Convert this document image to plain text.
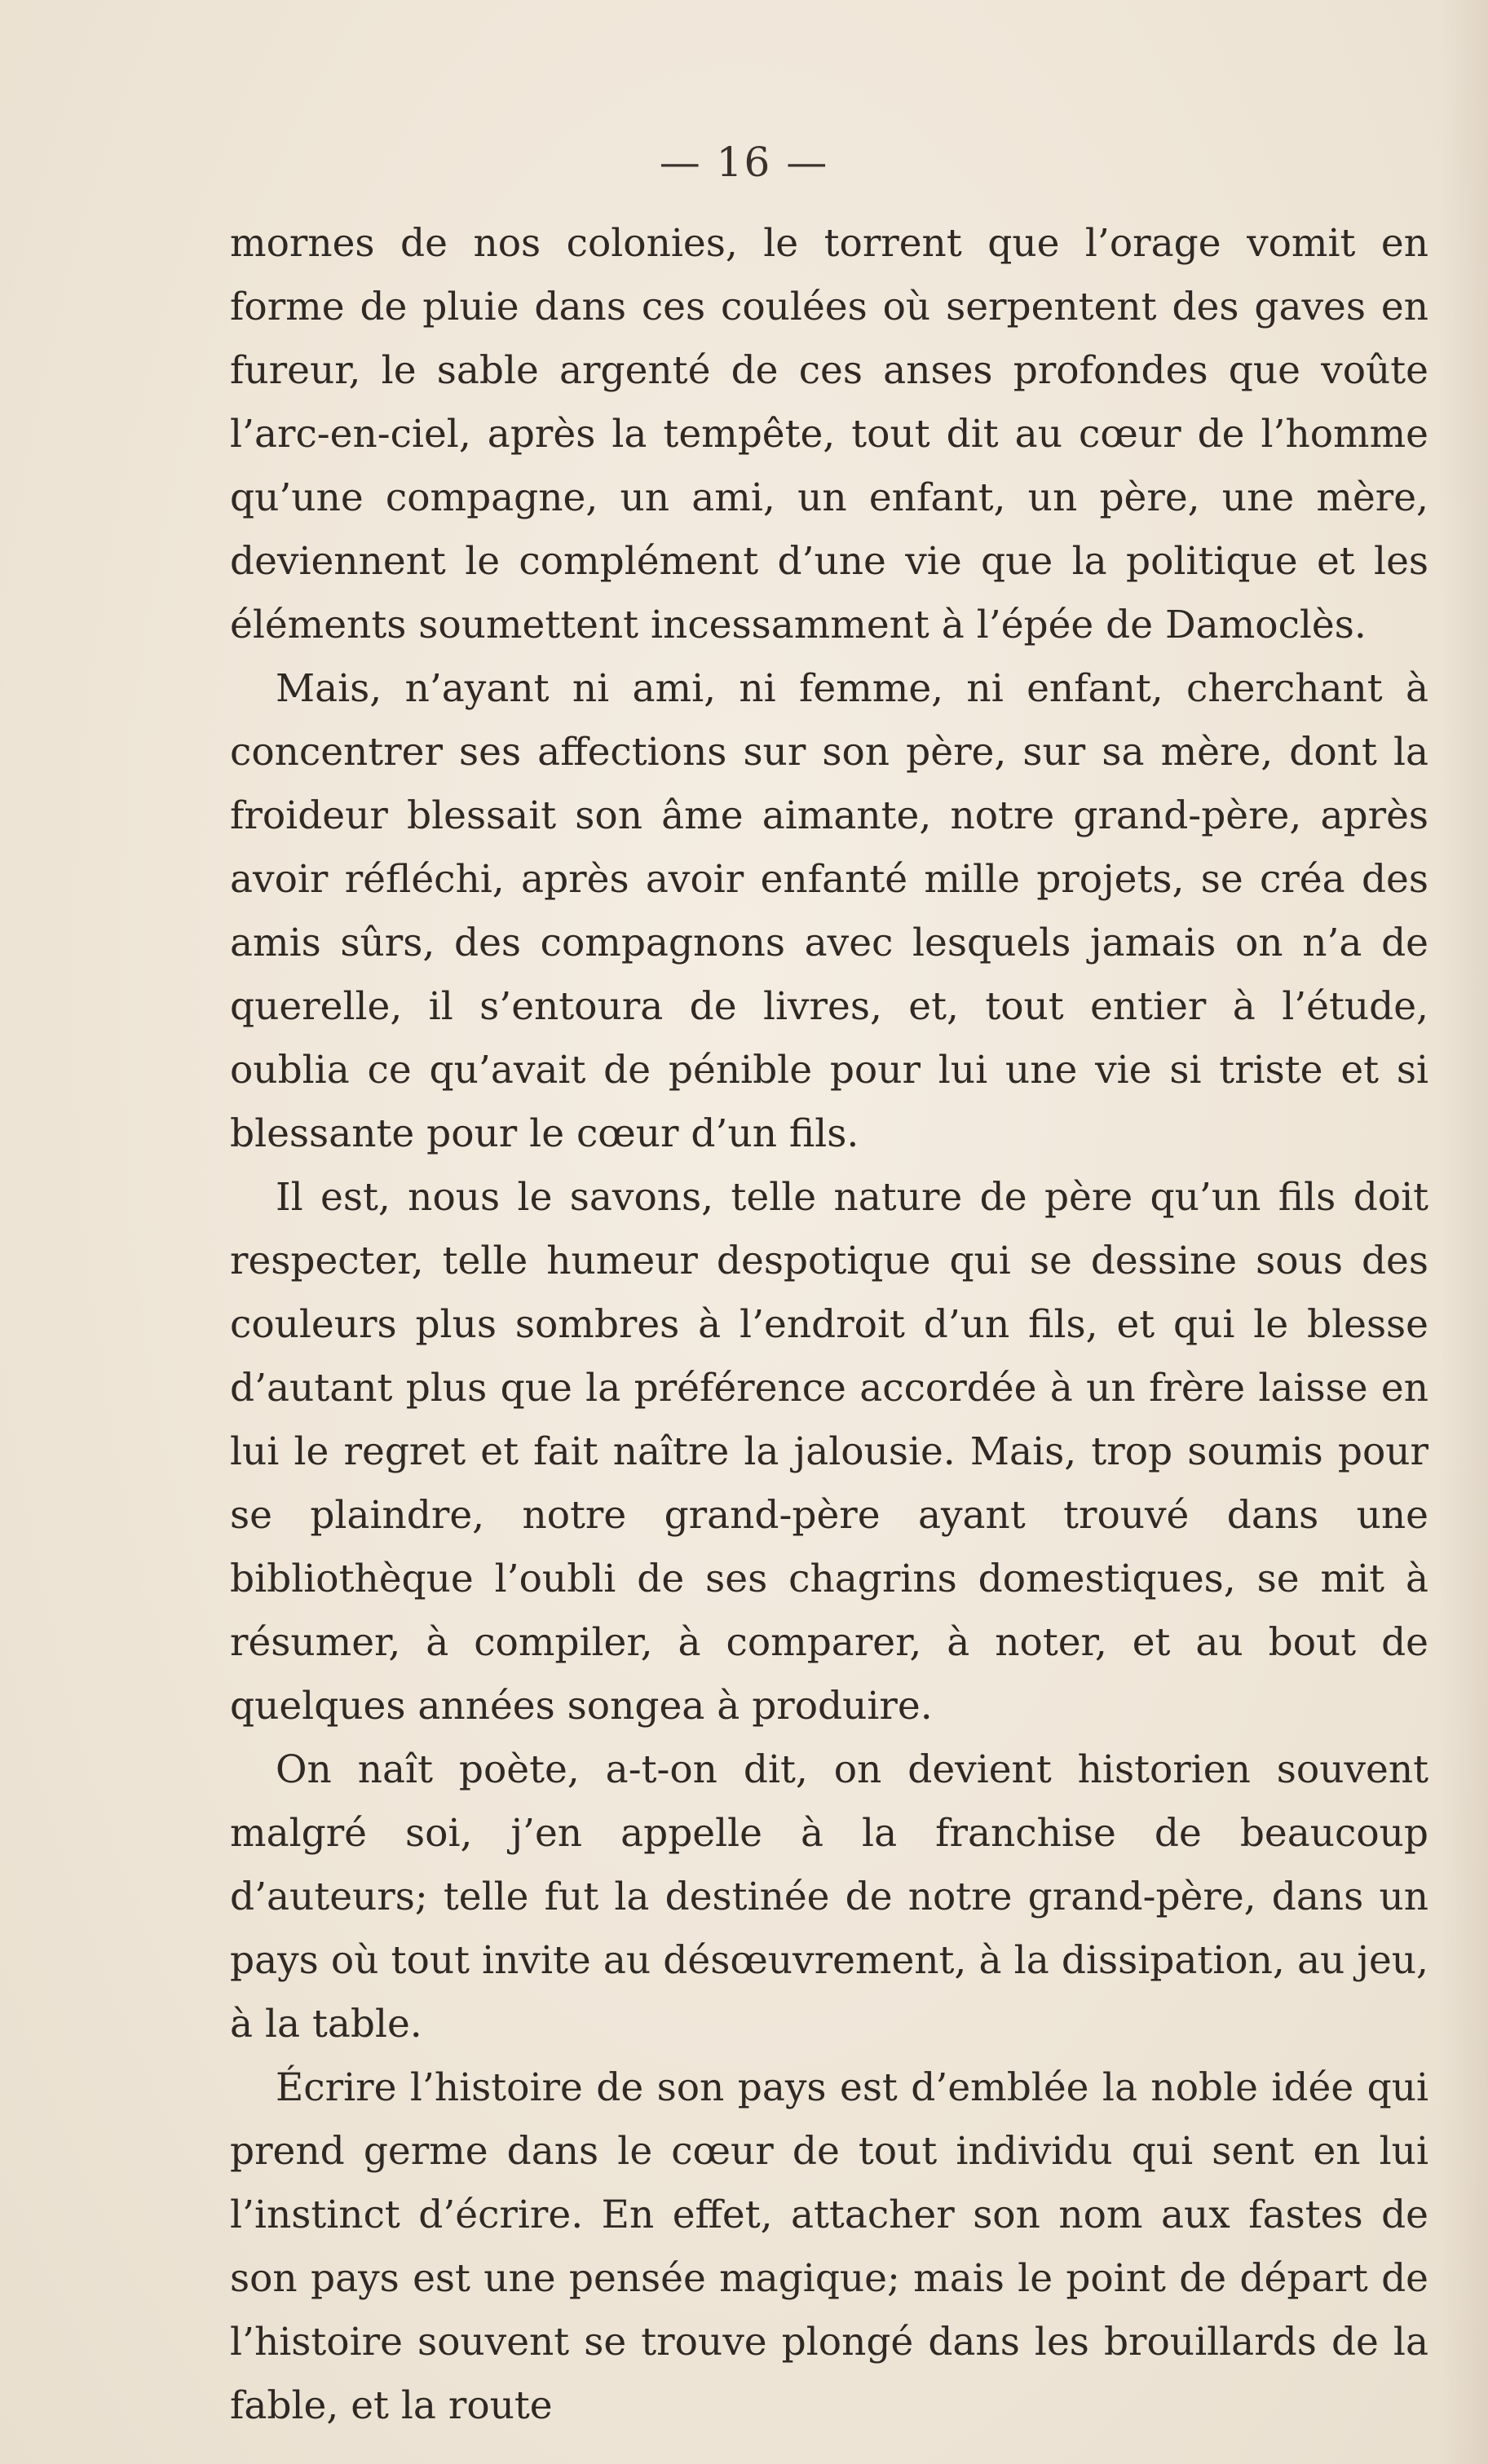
— 16 —

mornes de nos colonies, le torrent que l’orage vomit en forme de pluie dans ces coulées où serpentent des gaves en fureur, le sable argenté de ces anses profondes que voûte l’arc-en-ciel, après la tempête, tout dit au cœur de l’homme qu’une compagne, un ami, un enfant, un père, une mère, deviennent le complément d’une vie que la politique et les éléments soumettent incessamment à l’épée de Damoclès.

Mais, n’ayant ni ami, ni femme, ni enfant, cherchant à concentrer ses affections sur son père, sur sa mère, dont la froideur blessait son âme aimante, notre grand-père, après avoir réfléchi, après avoir enfanté mille projets, se créa des amis sûrs, des compagnons avec lesquels jamais on n’a de querelle, il s’entoura de livres, et, tout entier à l’étude, oublia ce qu’avait de pénible pour lui une vie si triste et si blessante pour le cœur d’un fils.

Il est, nous le savons, telle nature de père qu’un fils doit respecter, telle humeur despotique qui se dessine sous des couleurs plus sombres à l’endroit d’un fils, et qui le blesse d’autant plus que la préférence accordée à un frère laisse en lui le regret et fait naître la jalousie. Mais, trop soumis pour se plaindre, notre grand-père ayant trouvé dans une bibliothèque l’oubli de ses chagrins domestiques, se mit à résumer, à compiler, à comparer, à noter, et au bout de quelques années songea à produire.

On naît poète, a-t-on dit, on devient historien souvent malgré soi, j’en appelle à la franchise de beaucoup d’auteurs; telle fut la destinée de notre grand-père, dans un pays où tout invite au désœuvrement, à la dissipation, au jeu, à la table.

Écrire l’histoire de son pays est d’emblée la noble idée qui prend germe dans le cœur de tout individu qui sent en lui l’instinct d’écrire. En effet, attacher son nom aux fastes de son pays est une pensée magique; mais le point de départ de l’histoire souvent se trouve plongé dans les brouillards de la fable, et la route
